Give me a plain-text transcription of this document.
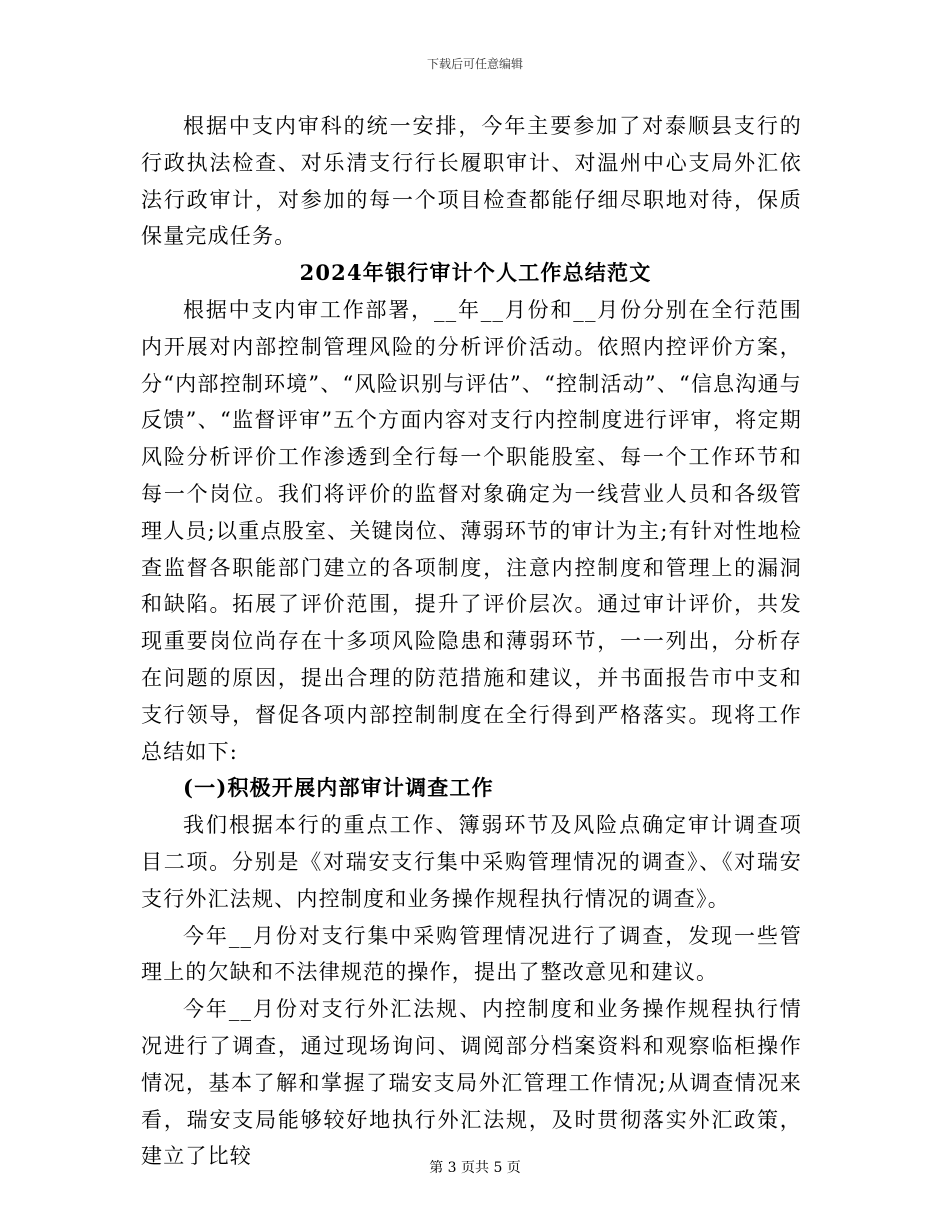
下载后可任意编辑

根据中支内审科的统一安排，今年主要参加了对泰顺县支行的行政执法检查、对乐清支行行长履职审计、对温州中心支局外汇依法行政审计，对参加的每一个项目检查都能仔细尽职地对待，保质保量完成任务。

2024年银行审计个人工作总结范文

根据中支内审工作部署，__年__月份和__月份分别在全行范围内开展对内部控制管理风险的分析评价活动。依照内控评价方案，分“内部控制环境”、“风险识别与评估”、“控制活动”、“信息沟通与反馈”、“监督评审”五个方面内容对支行内控制度进行评审，将定期风险分析评价工作渗透到全行每一个职能股室、每一个工作环节和每一个岗位。我们将评价的监督对象确定为一线营业人员和各级管理人员;以重点股室、关键岗位、薄弱环节的审计为主;有针对性地检查监督各职能部门建立的各项制度，注意内控制度和管理上的漏洞和缺陷。拓展了评价范围，提升了评价层次。通过审计评价，共发现重要岗位尚存在十多项风险隐患和薄弱环节，一一列出，分析存在问题的原因，提出合理的防范措施和建议，并书面报告市中支和支行领导，督促各项内部控制制度在全行得到严格落实。现将工作总结如下:

(一)积极开展内部审计调查工作

我们根据本行的重点工作、簿弱环节及风险点确定审计调查项目二项。分别是《对瑞安支行集中采购管理情况的调查》、《对瑞安支行外汇法规、内控制度和业务操作规程执行情况的调查》。

今年__月份对支行集中采购管理情况进行了调查，发现一些管理上的欠缺和不法律规范的操作，提出了整改意见和建议。

今年__月份对支行外汇法规、内控制度和业务操作规程执行情况进行了调查，通过现场询问、调阅部分档案资料和观察临柜操作情况，基本了解和掌握了瑞安支局外汇管理工作情况;从调查情况来看，瑞安支局能够较好地执行外汇法规，及时贯彻落实外汇政策，建立了比较	第 3 页共 5 页
